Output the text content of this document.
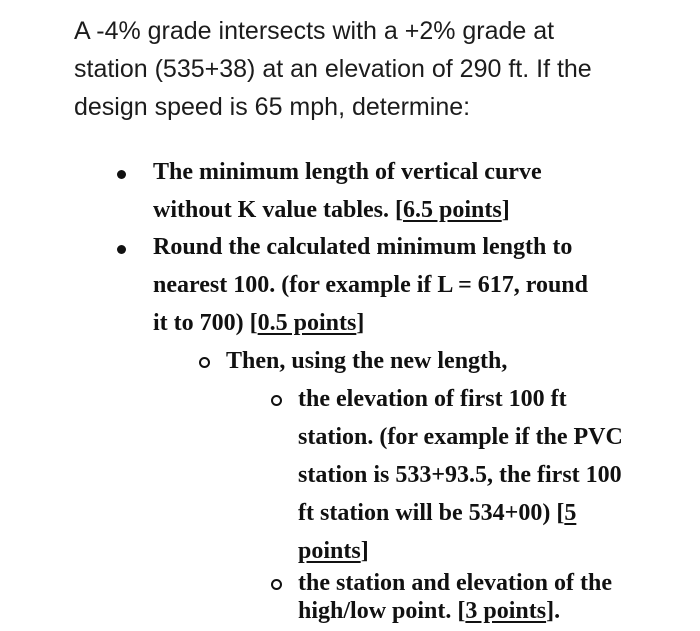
A -4% grade intersects with a +2% grade at
station (535+38) at an elevation of 290 ft. If the
design speed is 65 mph, determine:
The minimum length of vertical curve
without K value tables. [6.5 points]
Round the calculated minimum length to
nearest 100. (for example if L = 617, round
it to 700) [0.5 points]
Then, using the new length,
the elevation of first 100 ft
station. (for example if the PVC
station is 533+93.5, the first 100
ft station will be 534+00) [5
points]
the station and elevation of the
high/low point. [3 points].
